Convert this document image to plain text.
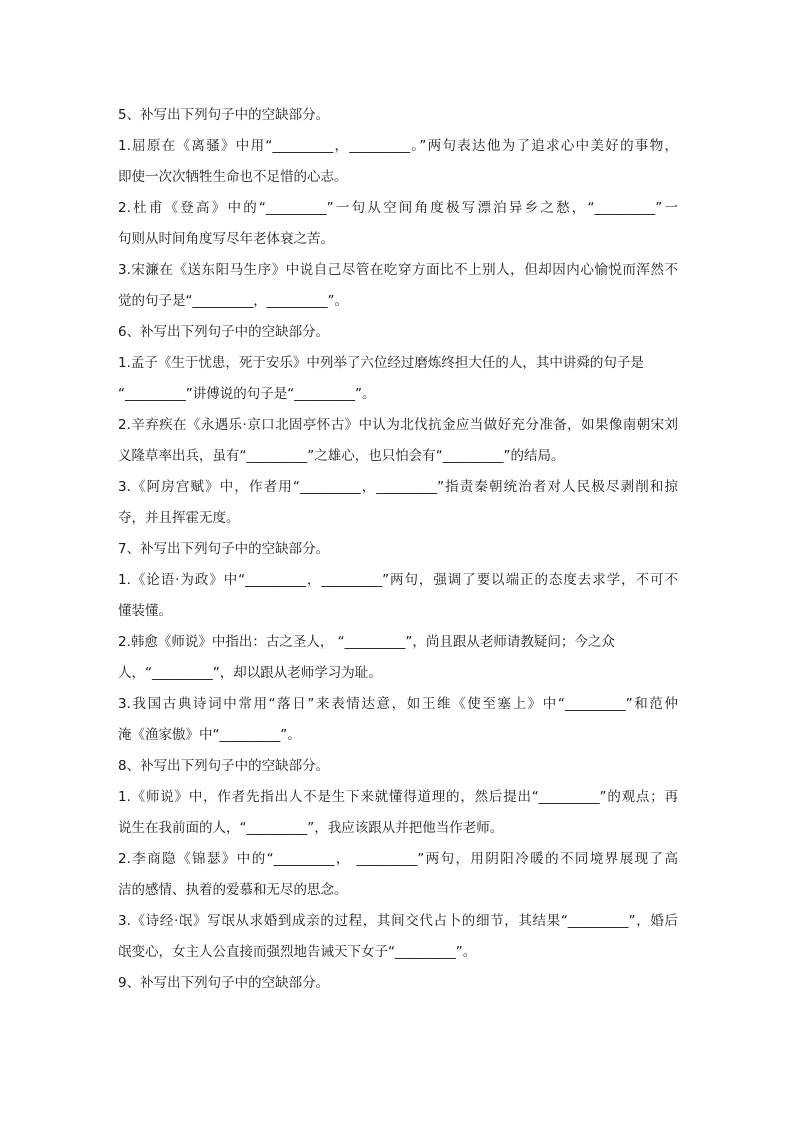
5、补写出下列句子中的空缺部分。
1.屈原在《离骚》中用“_________，_________。”两句表达他为了追求心中美好的事物，
即使一次次牺牲生命也不足惜的心志。
2.杜甫《登高》中的“_________”一句从空间角度极写漂泊异乡之愁，“_________”一
句则从时间角度写尽年老体衰之苦。
3.宋濂在《送东阳马生序》中说自己尽管在吃穿方面比不上别人，但却因内心愉悦而浑然不
觉的句子是“_________，_________”。
6、补写出下列句子中的空缺部分。
1.孟子《生于忧患，死于安乐》中列举了六位经过磨炼终担大任的人，其中讲舜的句子是
“_________”讲傅说的句子是“_________”。
2.辛弃疾在《永遇乐·京口北固亭怀古》中认为北伐抗金应当做好充分准备，如果像南朝宋刘
义隆草率出兵，虽有“_________”之雄心，也只怕会有“_________”的结局。
3.《阿房宫赋》中，作者用“_________，_________”指责秦朝统治者对人民极尽剥削和掠
夺，并且挥霍无度。
7、补写出下列句子中的空缺部分。
1.《论语·为政》中“_________，_________”两句，强调了要以端正的态度去求学，不可不
懂装懂。
2.韩愈《师说》中指出：古之圣人， “_________”，尚且跟从老师请教疑问；今之众
人，“_________”，却以跟从老师学习为耻。
3.我国古典诗词中常用“落日”来表情达意，如王维《使至塞上》中“_________”和范仲
淹《渔家傲》中“_________”。
8、补写出下列句子中的空缺部分。
1.《师说》中，作者先指出人不是生下来就懂得道理的，然后提出“_________”的观点；再
说生在我前面的人，“_________”，我应该跟从并把他当作老师。
2.李商隐《锦瑟》中的“_________， _________”两句，用阴阳冷暖的不同境界展现了高
洁的感情、执着的爱慕和无尽的思念。
3.《诗经·氓》写氓从求婚到成亲的过程，其间交代占卜的细节，其结果“_________”，婚后
氓变心，女主人公直接而强烈地告诫天下女子“_________”。
9、补写出下列句子中的空缺部分。
